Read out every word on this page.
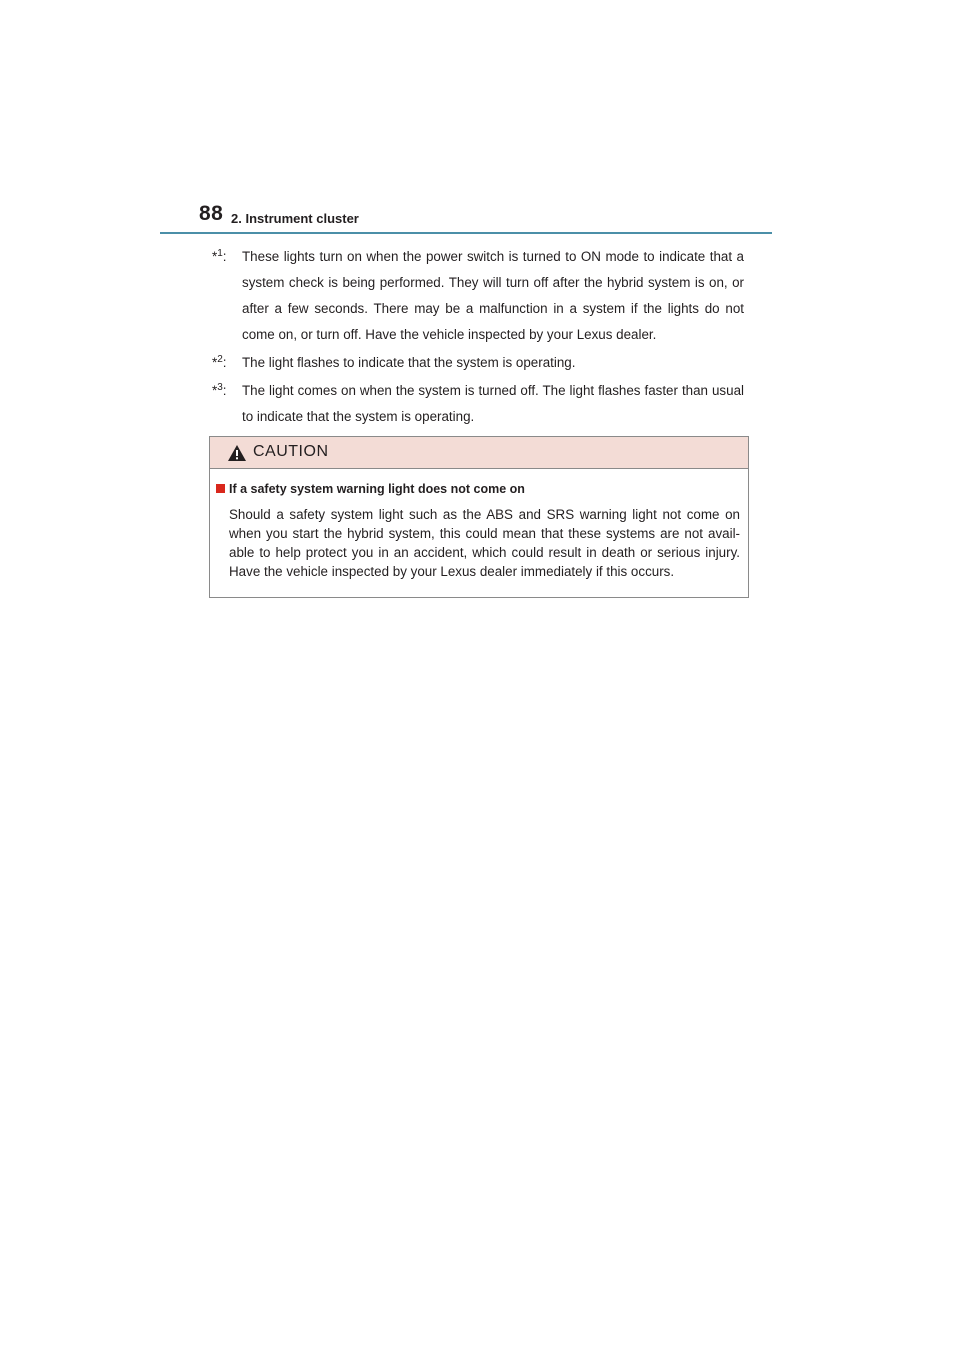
88 2. Instrument cluster
*$^1$: These lights turn on when the power switch is turned to ON mode to indicate that a system check is being performed. They will turn off after the hybrid system is on, or after a few seconds. There may be a malfunction in a system if the lights do not come on, or turn off. Have the vehicle inspected by your Lexus dealer.
*$^2$: The light flashes to indicate that the system is operating.
*$^3$: The light comes on when the system is turned off. The light flashes faster than usual to indicate that the system is operating.
CAUTION
If a safety system warning light does not come on
Should a safety system light such as the ABS and SRS warning light not come on when you start the hybrid system, this could mean that these systems are not avail-able to help protect you in an accident, which could result in death or serious injury. Have the vehicle inspected by your Lexus dealer immediately if this occurs.
